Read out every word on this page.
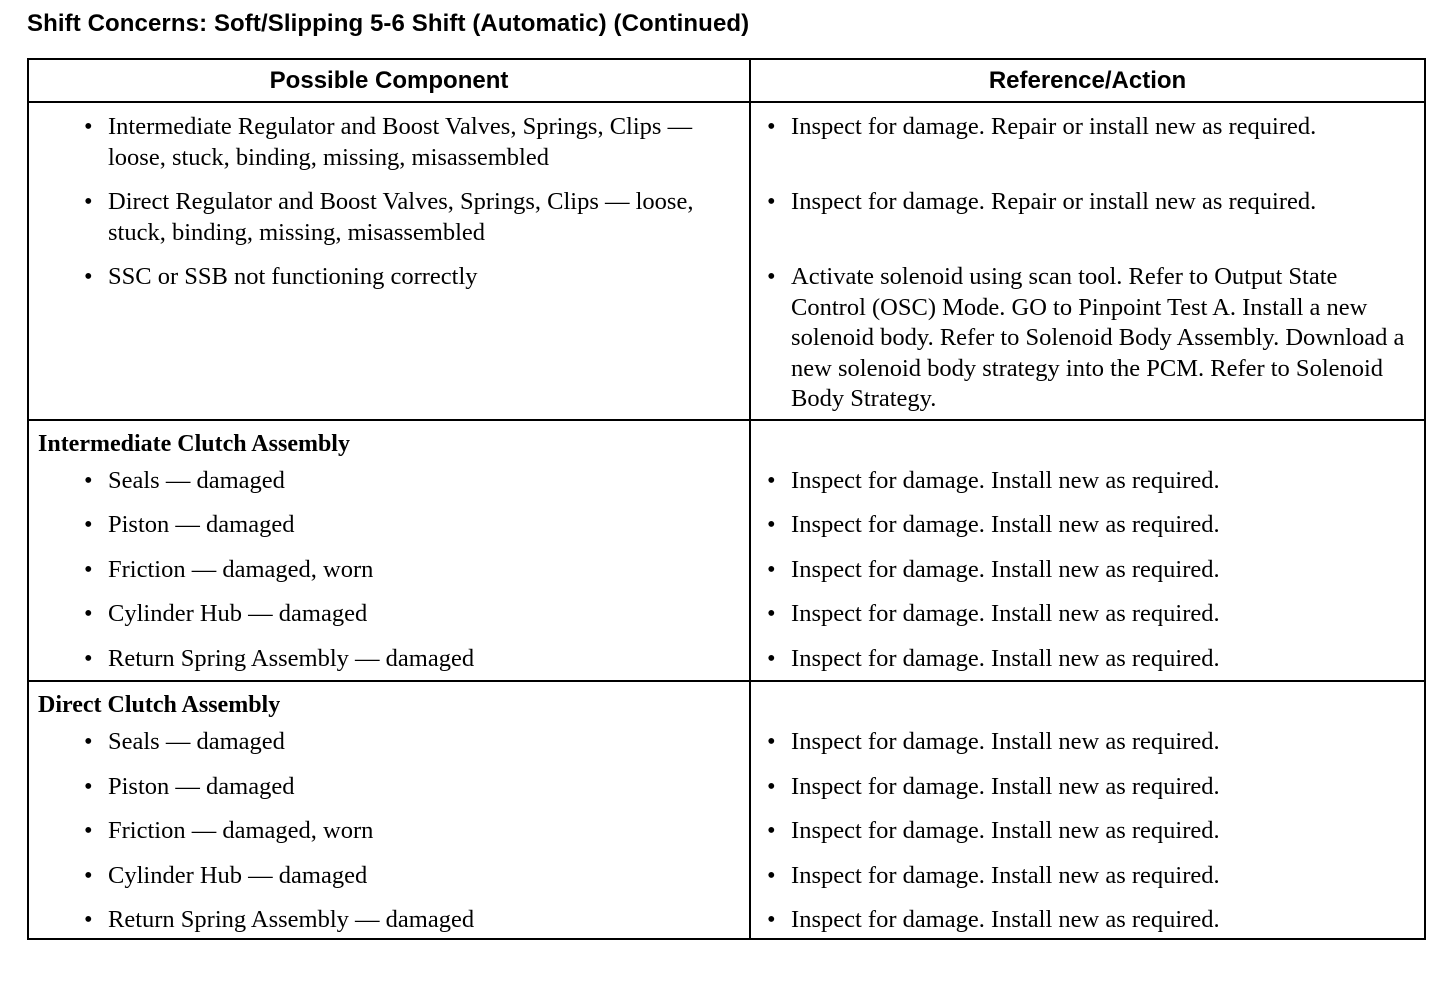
Shift Concerns: Soft/Slipping 5-6 Shift (Automatic) (Continued)
Possible Component	Reference/Action

• Intermediate Regulator and Boost Valves, Springs, Clips — loose, stuck, binding, missing, misassembled	• Inspect for damage. Repair or install new as required.

• Direct Regulator and Boost Valves, Springs, Clips — loose, stuck, binding, missing, misassembled	• Inspect for damage. Repair or install new as required.

• SSC or SSB not functioning correctly	• Activate solenoid using scan tool. Refer to Output State Control (OSC) Mode. GO to Pinpoint Test A. Install a new solenoid body. Refer to Solenoid Body Assembly. Download a new solenoid body strategy into the PCM. Refer to Solenoid Body Strategy.

Intermediate Clutch Assembly	

• Seals — damaged	• Inspect for damage. Install new as required.

• Piston — damaged	• Inspect for damage. Install new as required.

• Friction — damaged, worn	• Inspect for damage. Install new as required.

• Cylinder Hub — damaged	• Inspect for damage. Install new as required.

• Return Spring Assembly — damaged	• Inspect for damage. Install new as required.

Direct Clutch Assembly	

• Seals — damaged	• Inspect for damage. Install new as required.

• Piston — damaged	• Inspect for damage. Install new as required.

• Friction — damaged, worn	• Inspect for damage. Install new as required.

• Cylinder Hub — damaged	• Inspect for damage. Install new as required.

• Return Spring Assembly — damaged	• Inspect for damage. Install new as required.
